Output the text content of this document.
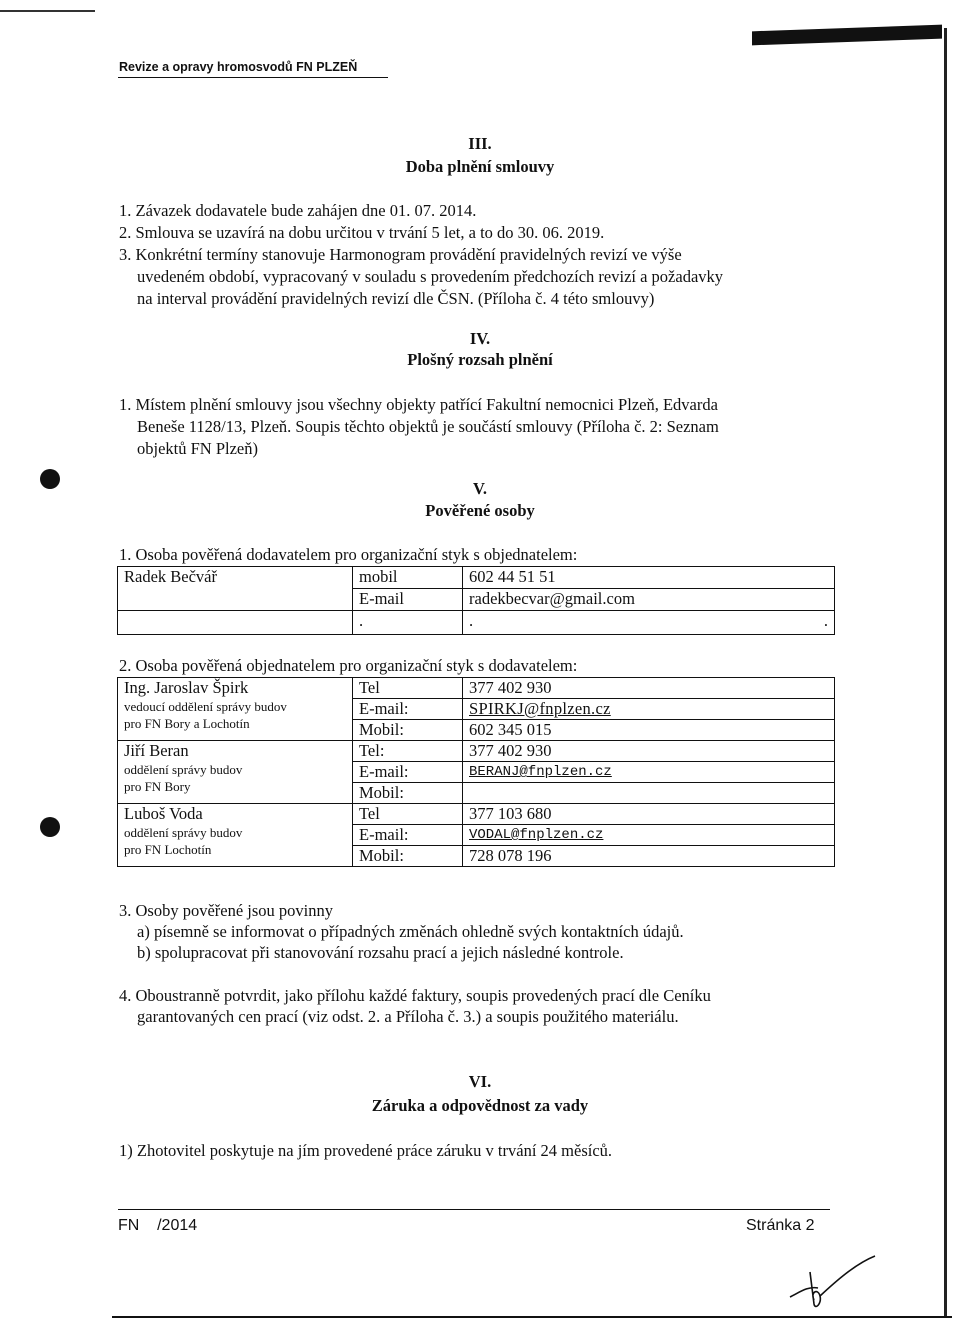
Revize a opravy hromosvodů FN PLZEŇ
III.
Doba plnění smlouvy
1. Závazek dodavatele bude zahájen dne 01. 07. 2014.
2. Smlouva se uzavírá na dobu určitou v trvání 5 let, a to do 30. 06. 2019.
3. Konkrétní termíny stanovuje Harmonogram provádění pravidelných revizí ve výše
uvedeném období, vypracovaný v souladu s provedením předchozích revizí a požadavky
na interval provádění pravidelných revizí dle ČSN. (Příloha č. 4 této smlouvy)
IV.
Plošný rozsah plnění
1. Místem plnění smlouvy jsou všechny objekty patřící Fakultní nemocnici Plzeň, Edvarda
Beneše 1128/13, Plzeň. Soupis těchto objektů je součástí smlouvy (Příloha č. 2: Seznam
objektů FN Plzeň)
V.
Pověřené osoby
1. Osoba pověřená dodavatelem pro organizační styk s objednatelem:
Radek Bečvář	mobil	602 44 51 51
	E-mail	radekbecvar@gmail.com
	.	. .
2. Osoba pověřená objednatelem pro organizační styk s dodavatelem:
Ing. Jaroslav Špirk
vedoucí oddělení správy budov
pro FN Bory a Lochotín	Tel	377 402 930
	E-mail:	SPIRKJ@fnplzen.cz
	Mobil:	602 345 015

Jiří Beran
oddělení správy budov
pro FN Bory	Tel:	377 402 930
	E-mail:	BERANJ@fnplzen.cz
	Mobil:	

Luboš Voda
oddělení správy budov
pro FN Lochotín	Tel	377 103 680
	E-mail:	VODAL@fnplzen.cz
	Mobil:	728 078 196
3. Osoby pověřené jsou povinny
a) písemně se informovat o případných změnách ohledně svých kontaktních údajů.
b) spolupracovat při stanovování rozsahu prací a jejich následné kontrole.
4. Oboustranně potvrdit, jako přílohu každé faktury, soupis provedených prací dle Ceníku
garantovaných cen prací (viz odst. 2. a Příloha č. 3.) a soupis použitého materiálu.
VI.
Záruka a odpovědnost za vady
1) Zhotovitel poskytuje na jím provedené práce záruku v trvání 24 měsíců.
FN    /2014	Stránka 2
